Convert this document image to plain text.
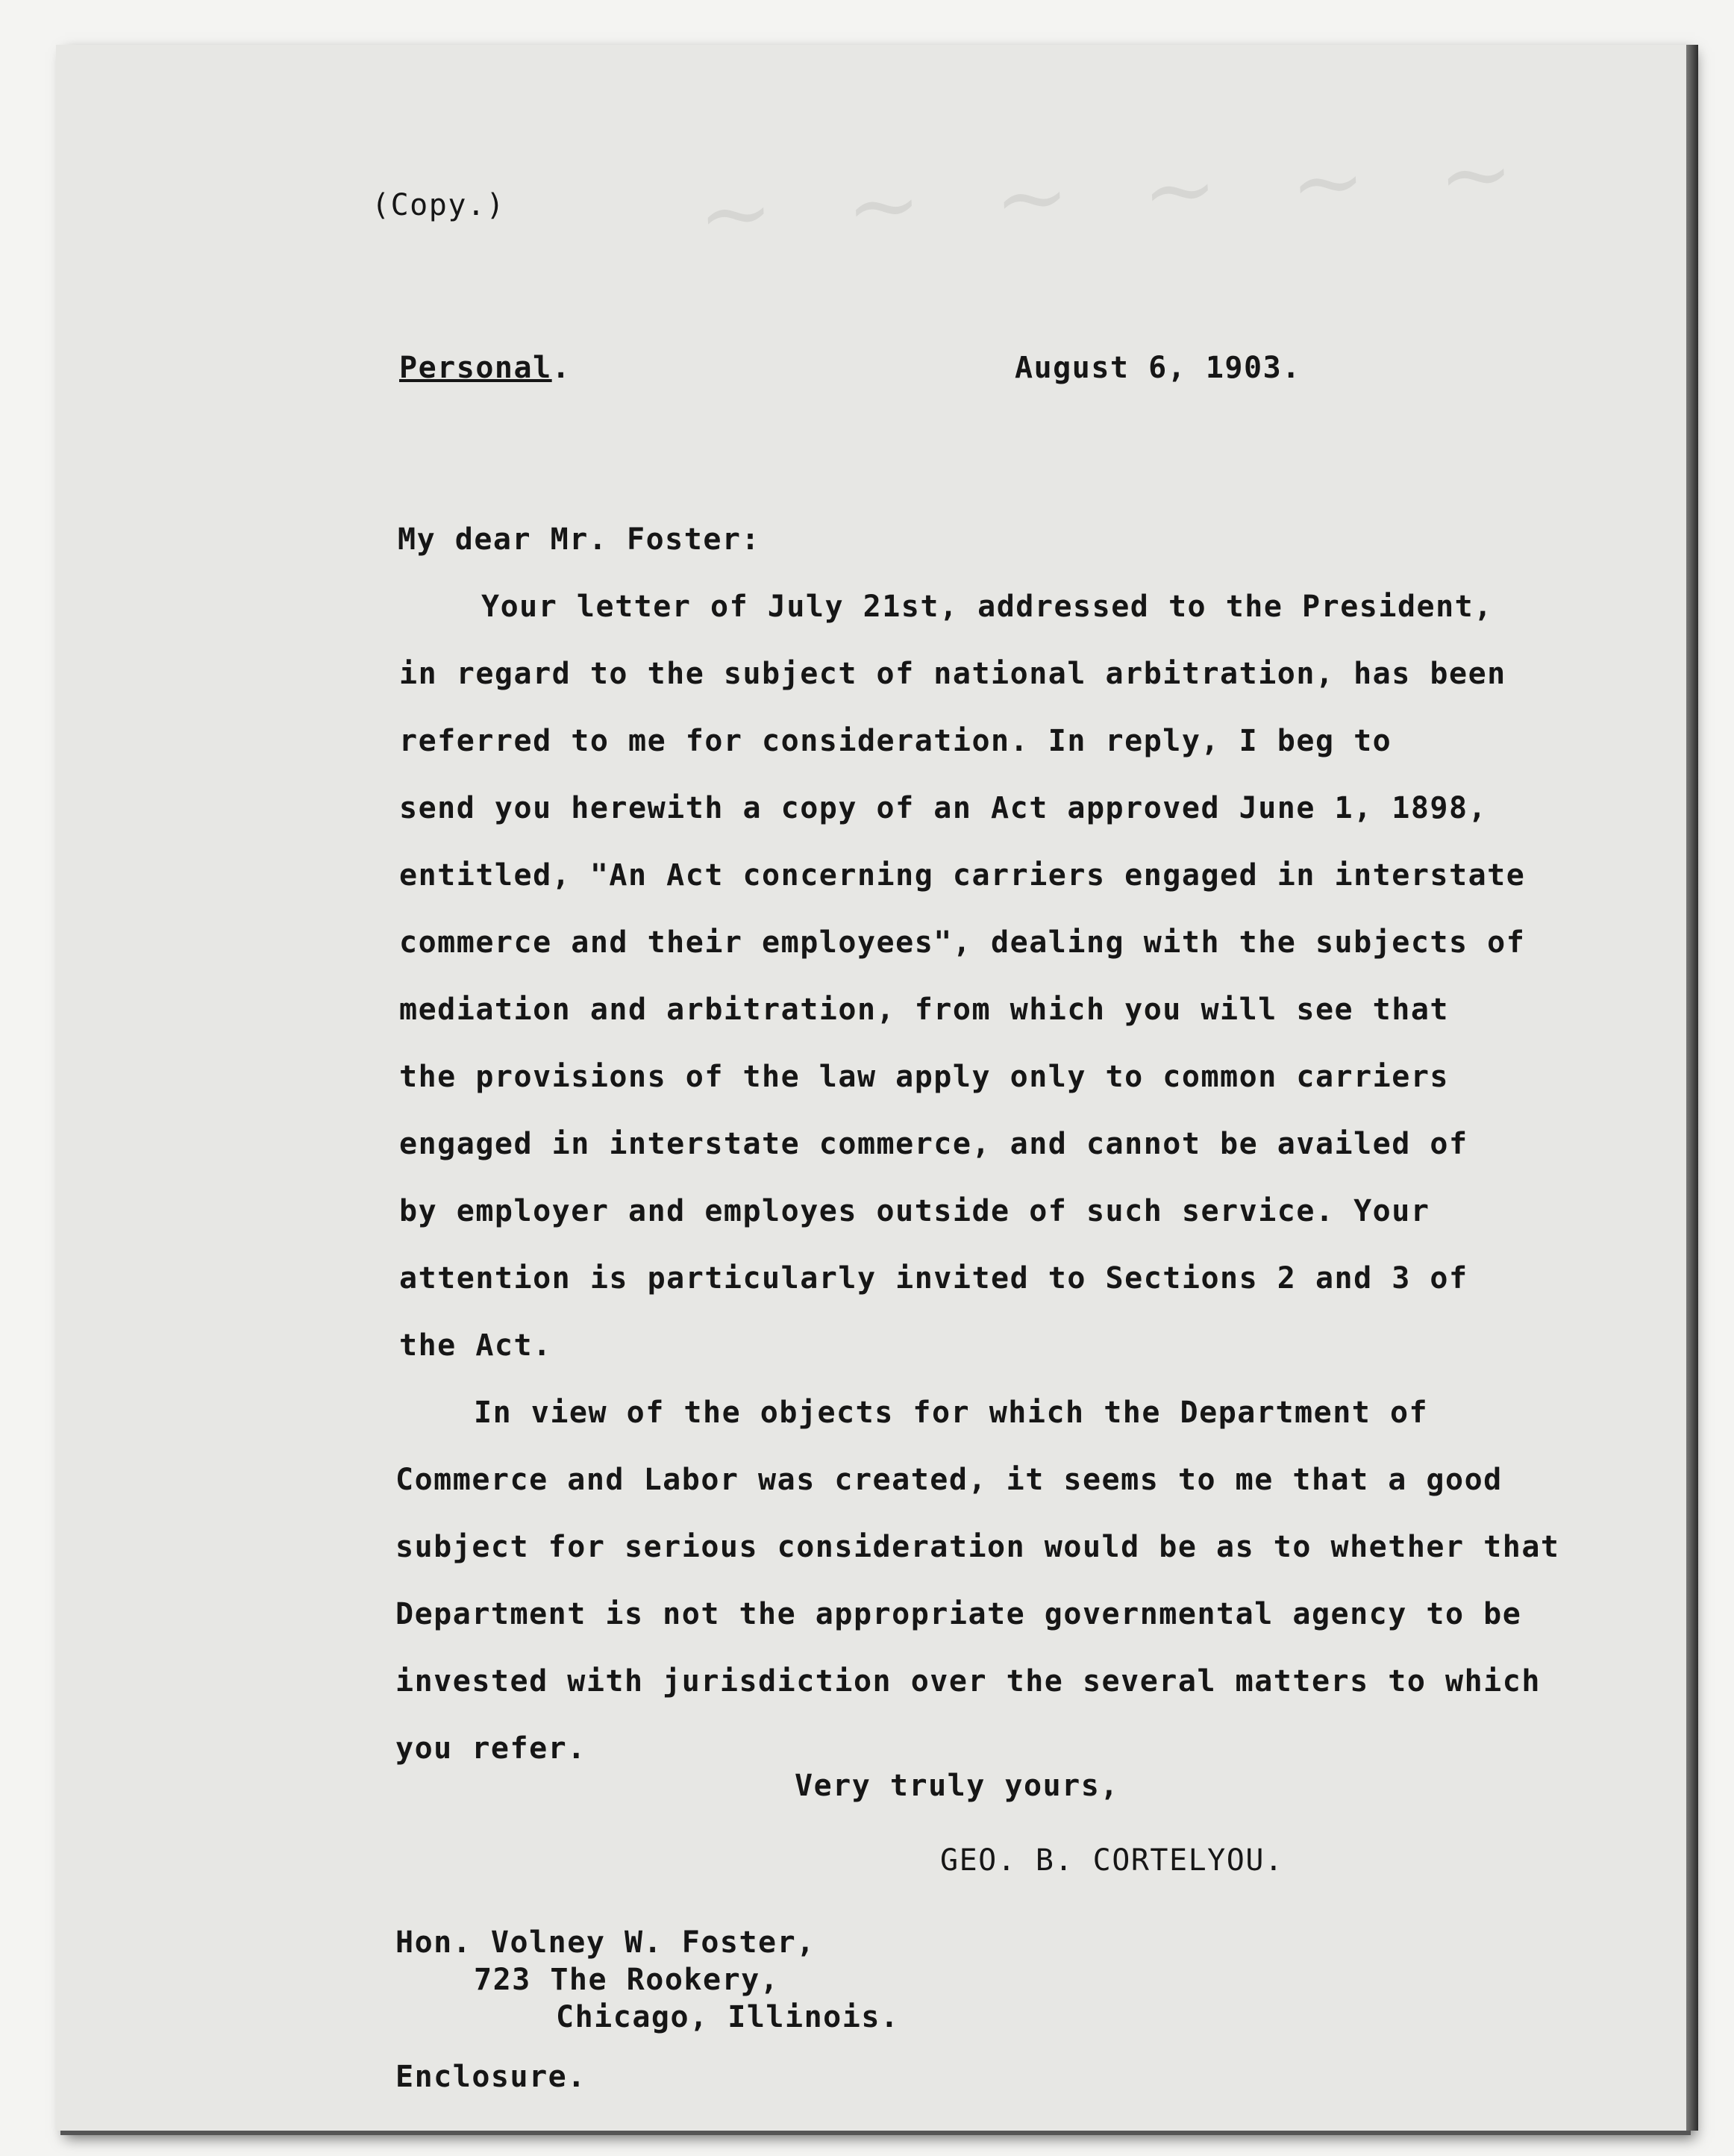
~ ~ ~ ~ ~ ~

(Copy.)

Personal.	August 6, 1903.

My dear Mr. Foster:

Your letter of July 21st, addressed to the President,

in regard to the subject of national arbitration, has been

referred to me for consideration. In reply, I beg to

send you herewith a copy of an Act approved June 1, 1898,

entitled, "An Act concerning carriers engaged in interstate

commerce and their employees", dealing with the subjects of

mediation and arbitration, from which you will see that

the provisions of the law apply only to common carriers

engaged in interstate commerce, and cannot be availed of

by employer and employes outside of such service. Your

attention is particularly invited to Sections 2 and 3 of

the Act.

In view of the objects for which the Department of

Commerce and Labor was created, it seems to me that a good

subject for serious consideration would be as to whether that

Department is not the appropriate governmental agency to be

invested with jurisdiction over the several matters to which

you refer.

Very truly yours,

GEO. B. CORTELYOU.

Hon. Volney W. Foster,

723 The Rookery,

Chicago, Illinois.

Enclosure.
